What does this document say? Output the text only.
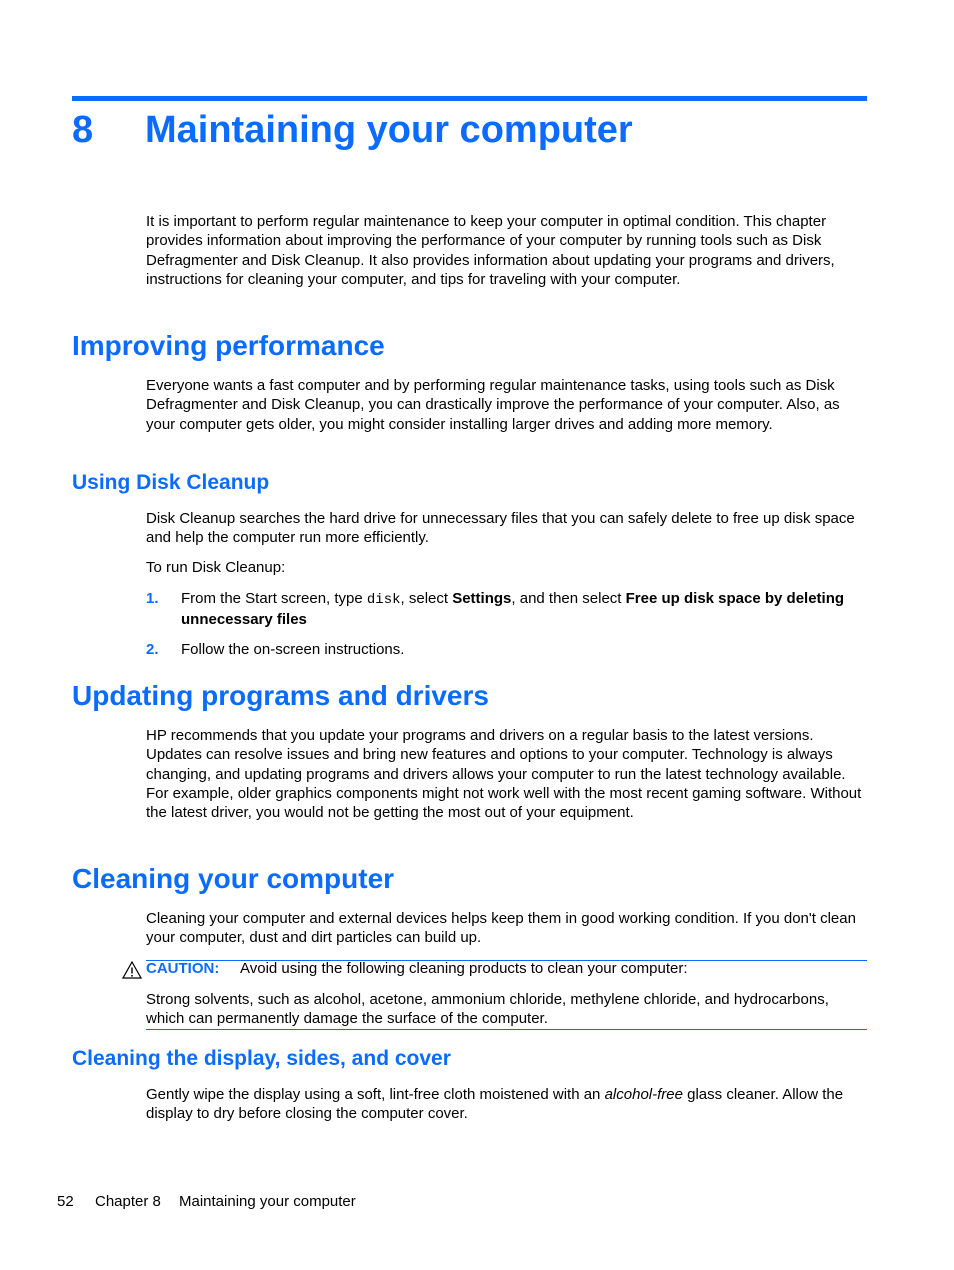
8 Maintaining your computer
It is important to perform regular maintenance to keep your computer in optimal condition. This chapter provides information about improving the performance of your computer by running tools such as Disk Defragmenter and Disk Cleanup. It also provides information about updating your programs and drivers, instructions for cleaning your computer, and tips for traveling with your computer.
Improving performance
Everyone wants a fast computer and by performing regular maintenance tasks, using tools such as Disk Defragmenter and Disk Cleanup, you can drastically improve the performance of your computer. Also, as your computer gets older, you might consider installing larger drives and adding more memory.
Using Disk Cleanup
Disk Cleanup searches the hard drive for unnecessary files that you can safely delete to free up disk space and help the computer run more efficiently.
To run Disk Cleanup:
1. From the Start screen, type disk, select Settings, and then select Free up disk space by deleting unnecessary files
2. Follow the on-screen instructions.
Updating programs and drivers
HP recommends that you update your programs and drivers on a regular basis to the latest versions. Updates can resolve issues and bring new features and options to your computer. Technology is always changing, and updating programs and drivers allows your computer to run the latest technology available. For example, older graphics components might not work well with the most recent gaming software. Without the latest driver, you would not be getting the most out of your equipment.
Cleaning your computer
Cleaning your computer and external devices helps keep them in good working condition. If you don't clean your computer, dust and dirt particles can build up.
CAUTION: Avoid using the following cleaning products to clean your computer:
Strong solvents, such as alcohol, acetone, ammonium chloride, methylene chloride, and hydrocarbons, which can permanently damage the surface of the computer.
Cleaning the display, sides, and cover
Gently wipe the display using a soft, lint-free cloth moistened with an alcohol-free glass cleaner. Allow the display to dry before closing the computer cover.
52 Chapter 8 Maintaining your computer
